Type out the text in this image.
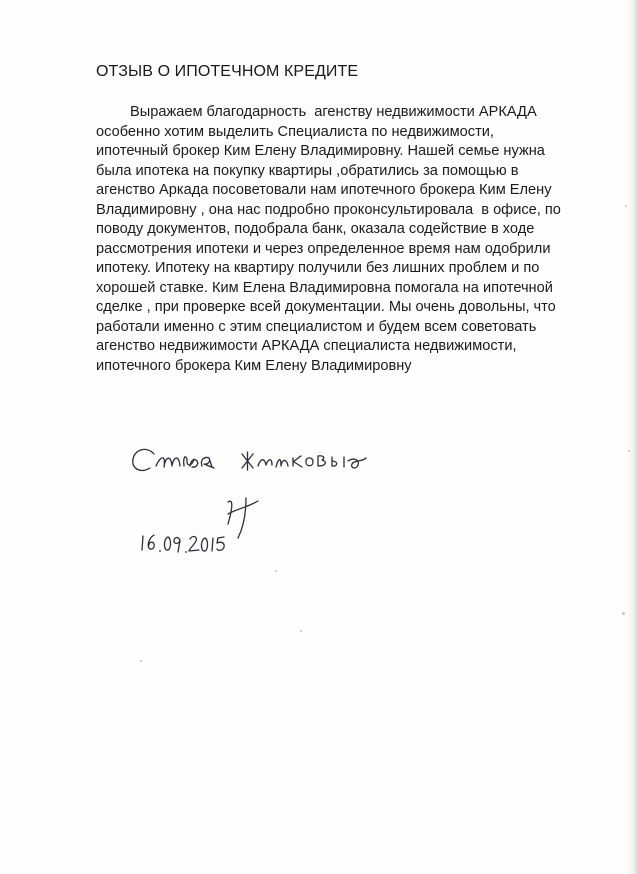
ОТЗЫВ О ИПОТЕЧНОМ КРЕДИТЕ
Выражаем благодарность  агенству недвижимости АРКАДА
особенно хотим выделить Специалиста по недвижимости,
ипотечный брокер Ким Елену Владимировну. Нашей семье нужна
была ипотека на покупку квартиры ,обратились за помощью в
агенство Аркада посоветовали нам ипотечного брокера Ким Елену
Владимировну , она нас подробно проконсультировала  в офисе, по
поводу документов, подобрала банк, оказала содействие в ходе
рассмотрения ипотеки и через определенное время нам одобрили
ипотеку. Ипотеку на квартиру получили без лишних проблем и по
хорошей ставке. Ким Елена Владимировна помогала на ипотечной
сделке , при проверке всей документации. Мы очень довольны, что
работали именно с этим специалистом и будем всем советовать
агенство недвижимости АРКАДА специалиста недвижимости,
ипотечного брокера Ким Елену Владимировну
